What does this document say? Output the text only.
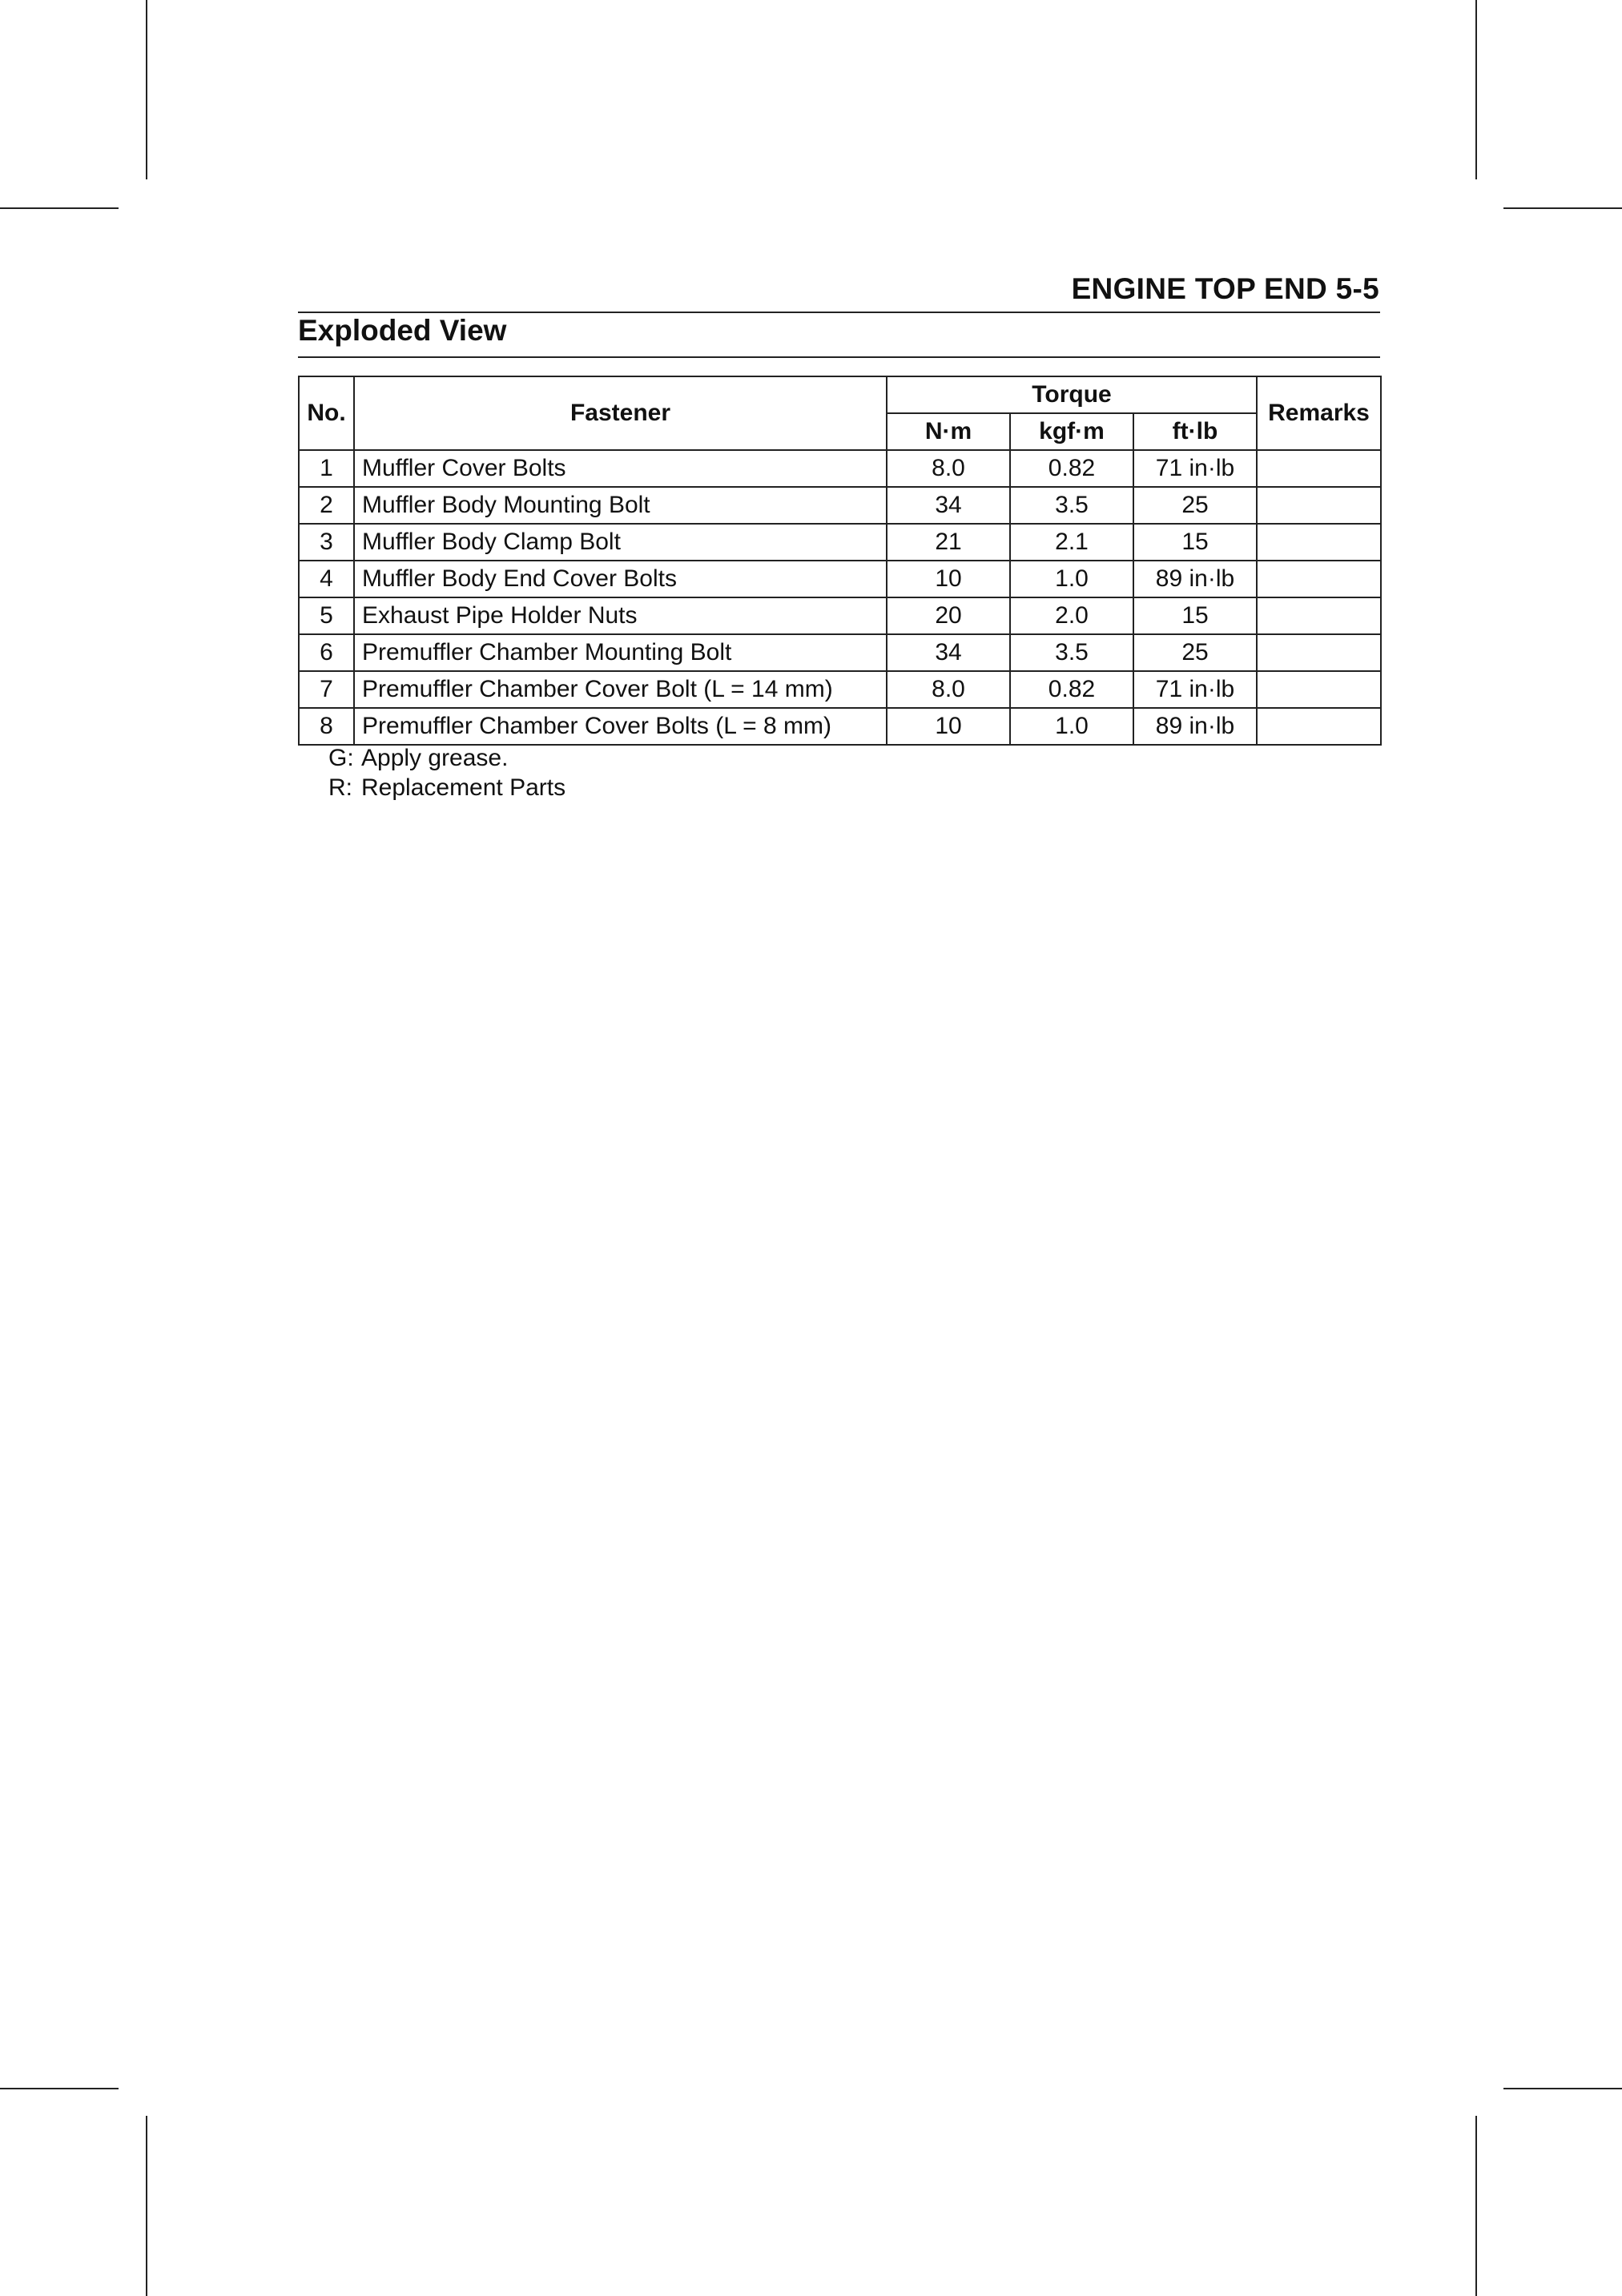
ENGINE TOP END 5-5
Exploded View
No.	Fastener	Torque			Remarks
		N·m	kgf·m	ft·lb	
1	Muffler Cover Bolts	8.0	0.82	71 in·lb	
2	Muffler Body Mounting Bolt	34	3.5	25	
3	Muffler Body Clamp Bolt	21	2.1	15	
4	Muffler Body End Cover Bolts	10	1.0	89 in·lb	
5	Exhaust Pipe Holder Nuts	20	2.0	15	
6	Premuffler Chamber Mounting Bolt	34	3.5	25	
7	Premuffler Chamber Cover Bolt (L = 14 mm)	8.0	0.82	71 in·lb	
8	Premuffler Chamber Cover Bolts (L = 8 mm)	10	1.0	89 in·lb	
G: Apply grease.
R: Replacement Parts
